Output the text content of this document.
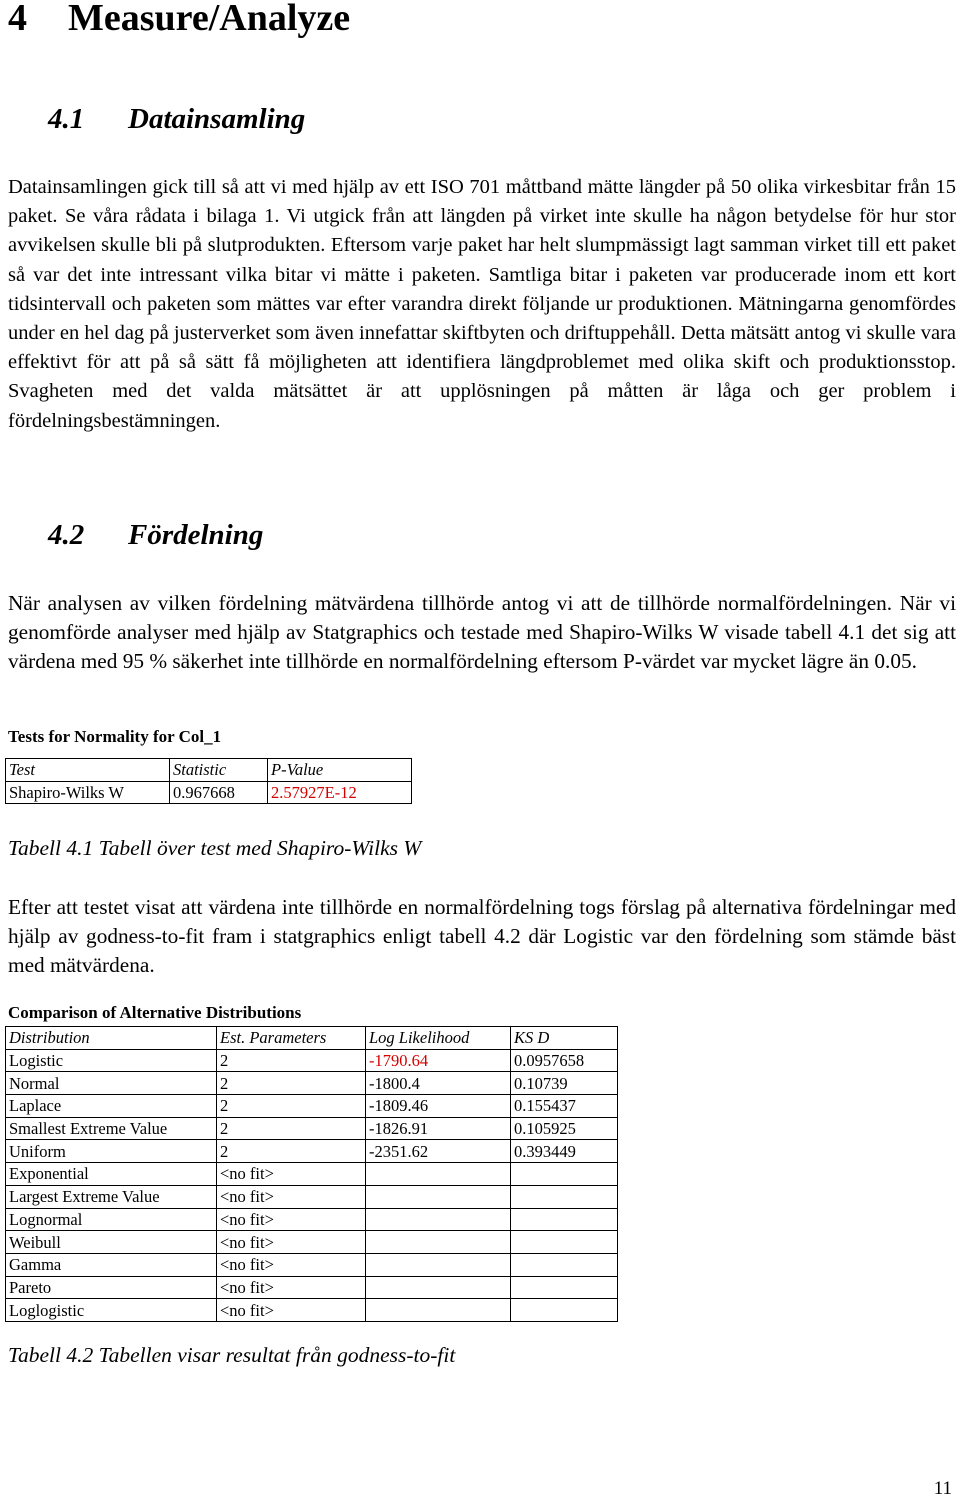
4 Measure/Analyze
4.1 Datainsamling

Datainsamlingen gick till så att vi med hjälp av ett ISO 701 måttband mätte längder på 50 olika virkesbitar från 15 paket. Se våra rådata i bilaga 1. Vi utgick från att längden på virket inte skulle ha någon betydelse för hur stor avvikelsen skulle bli på slutprodukten. Eftersom varje paket har helt slumpmässigt lagt samman virket till ett paket så var det inte intressant vilka bitar vi mätte i paketen. Samtliga bitar i paketen var producerade inom ett kort tidsintervall och paketen som mättes var efter varandra direkt följande ur produktionen. Mätningarna genomfördes under en hel dag på justerverket som även innefattar skiftbyten och driftuppehåll. Detta mätsätt antog vi skulle vara effektivt för att på så sätt få möjligheten att identifiera längdproblemet med olika skift och produktionsstop. Svagheten med det valda mätsättet är att upplösningen på måtten är låga och ger problem i fördelningsbestämningen.

4.2 Fördelning

När analysen av vilken fördelning mätvärdena tillhörde antog vi att de tillhörde normalfördelningen. När vi genomförde analyser med hjälp av Statgraphics och testade med Shapiro-Wilks W visade tabell 4.1 det sig att värdena med 95 % säkerhet inte tillhörde en normalfördelning eftersom P-värdet var mycket lägre än 0.05.

Tests for Normality for Col_1

Test	Statistic	P-Value
Shapiro-Wilks W	0.967668	2.57927E-12

Tabell 4.1 Tabell över test med Shapiro-Wilks W

Efter att testet visat att värdena inte tillhörde en normalfördelning togs förslag på alternativa fördelningar med hjälp av godness-to-fit fram i statgraphics enligt tabell 4.2 där Logistic var den fördelning som stämde bäst med mätvärdena.

Comparison of Alternative Distributions

Distribution	Est. Parameters	Log Likelihood	KS D
Logistic	2	-1790.64	0.0957658
Normal	2	-1800.4	0.10739
Laplace	2	-1809.46	0.155437
Smallest Extreme Value	2	-1826.91	0.105925
Uniform	2	-2351.62	0.393449
Exponential	<no fit>		
Largest Extreme Value	<no fit>		
Lognormal	<no fit>		
Weibull	<no fit>		
Gamma	<no fit>		
Pareto	<no fit>		
Loglogistic	<no fit>		

Tabell 4.2 Tabellen visar resultat från godness-to-fit

11
